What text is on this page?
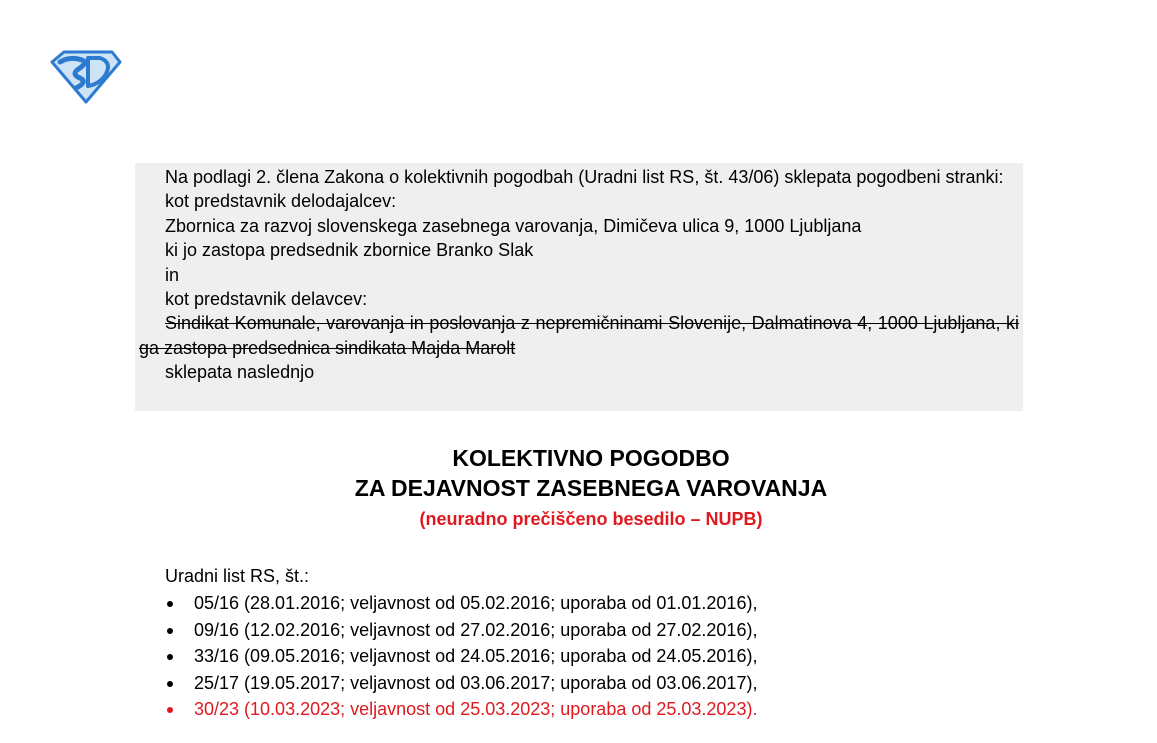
Na podlagi 2. člena Zakona o kolektivnih pogodbah (Uradni list RS, št. 43/06) sklepata pogodbeni stranki:

kot predstavnik delodajalcev:

Zbornica za razvoj slovenskega zasebnega varovanja, Dimičeva ulica 9, 1000 Ljubljana

ki jo zastopa predsednik zbornice Branko Slak

in

kot predstavnik delavcev:

Sindikat Komunale, varovanja in poslovanja z nepremičninami Slovenije, Dalmatinova 4, 1000 Ljubljana, ki ga zastopa predsednica sindikata Majda Marolt

sklepata naslednjo

KOLEKTIVNO POGODBO
ZA DEJAVNOST ZASEBNEGA VAROVANJA
(neuradno prečiščeno besedilo – NUPB)

Uradni list RS, št.:

05/16 (28.01.2016; veljavnost od 05.02.2016; uporaba od 01.01.2016),
09/16 (12.02.2016; veljavnost od 27.02.2016; uporaba od 27.02.2016),
33/16 (09.05.2016; veljavnost od 24.05.2016; uporaba od 24.05.2016),
25/17 (19.05.2017; veljavnost od 03.06.2017; uporaba od 03.06.2017),
30/23 (10.03.2023; veljavnost od 25.03.2023; uporaba od 25.03.2023).
